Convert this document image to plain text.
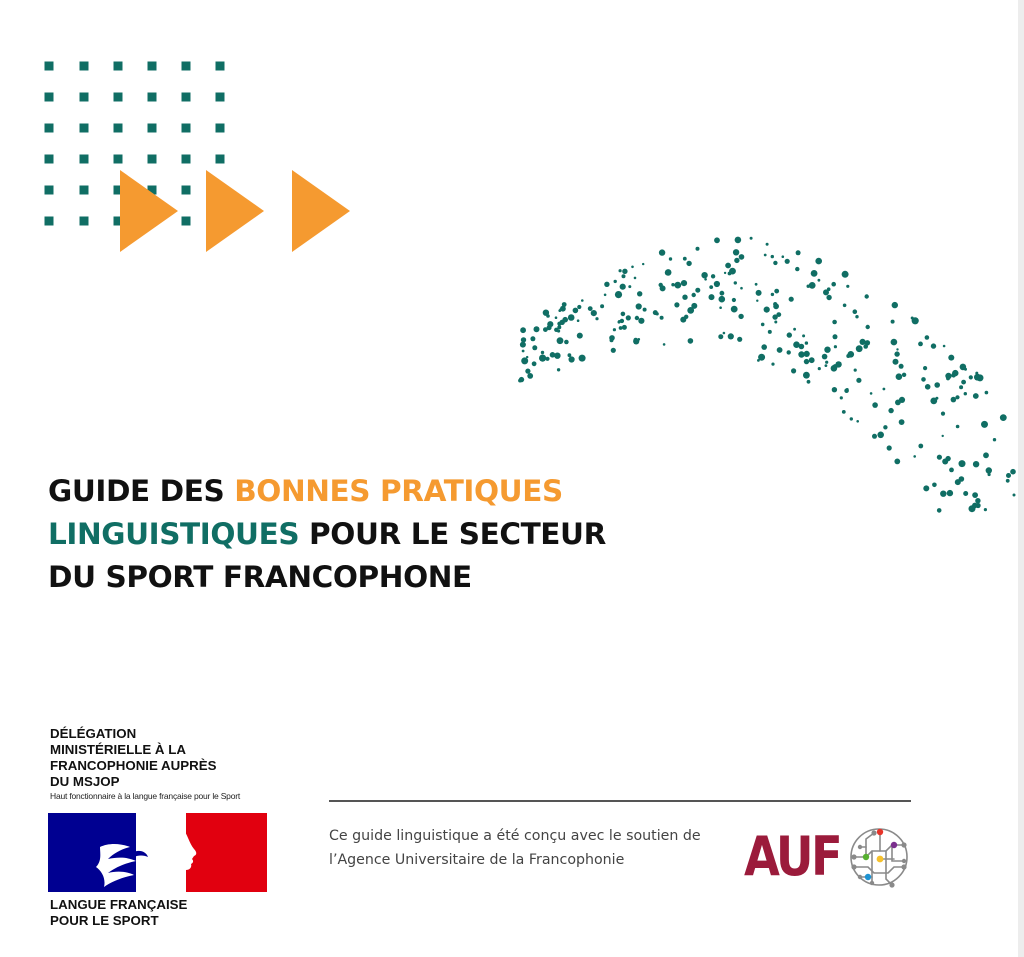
GUIDE DES BONNES PRATIQUES
LINGUISTIQUES POUR LE SECTEUR
DU SPORT FRANCOPHONE

DÉLÉGATION
MINISTÉRIELLE À LA
FRANCOPHONIE AUPRÈS
DU MSJOP

Haut fonctionnaire à la langue française pour le Sport

LANGUE FRANÇAISE
POUR LE SPORT

Ce guide linguistique a été conçu avec le soutien de l’Agence Universitaire de la Francophonie	AUF
